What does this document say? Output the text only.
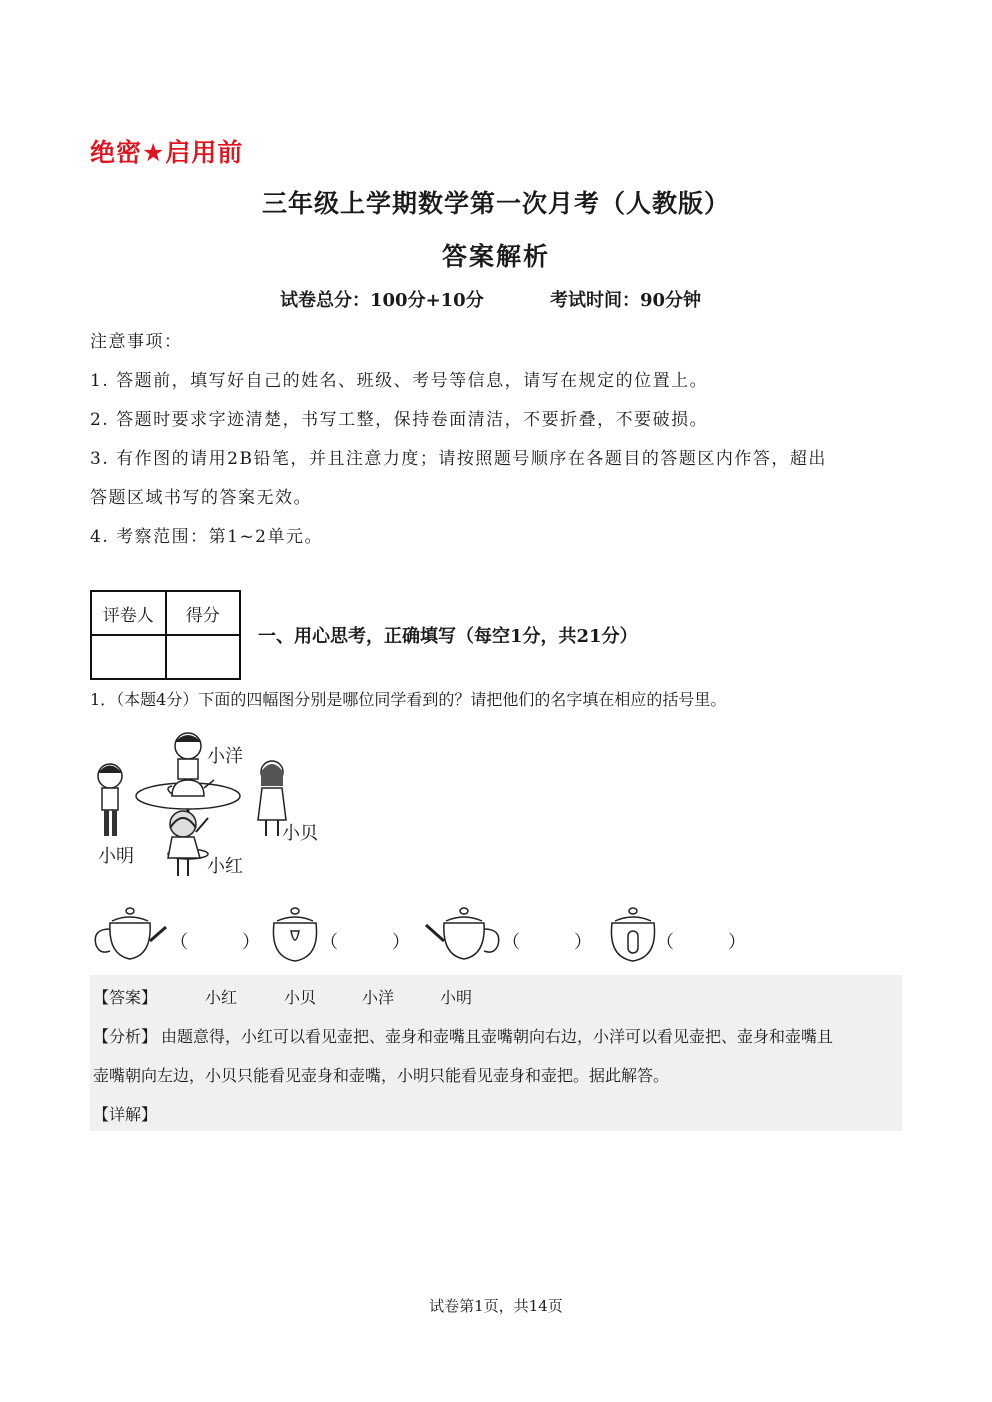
绝密★启用前
三年级上学期数学第一次月考（人教版）
答案解析
试卷总分：100分+10分	考试时间：90分钟
注意事项：
1. 答题前，填写好自己的姓名、班级、考号等信息，请写在规定的位置上。
2. 答题时要求字迹清楚，书写工整，保持卷面清洁，不要折叠，不要破损。
3. 有作图的请用2B铅笔，并且注意力度；请按照题号顺序在各题目的答题区内作答，超出
答题区域书写的答案无效。
4. 考察范围：第1~2单元。
评卷人	得分

一、用心思考，正确填写（每空1分，共21分）
1．（本题4分）下面的四幅图分别是哪位同学看到的？请把他们的名字填在相应的括号里。
小洋
小明
小贝
小红
（　　　）	（　　　）	（　　　）	（　　　）
【答案】	小红	小贝	小洋	小明
【分析】 由题意得，小红可以看见壶把、壶身和壶嘴且壶嘴朝向右边，小洋可以看见壶把、壶身和壶嘴且
壶嘴朝向左边，小贝只能看见壶身和壶嘴，小明只能看见壶身和壶把。据此解答。
【详解】
试卷第1页，共14页
